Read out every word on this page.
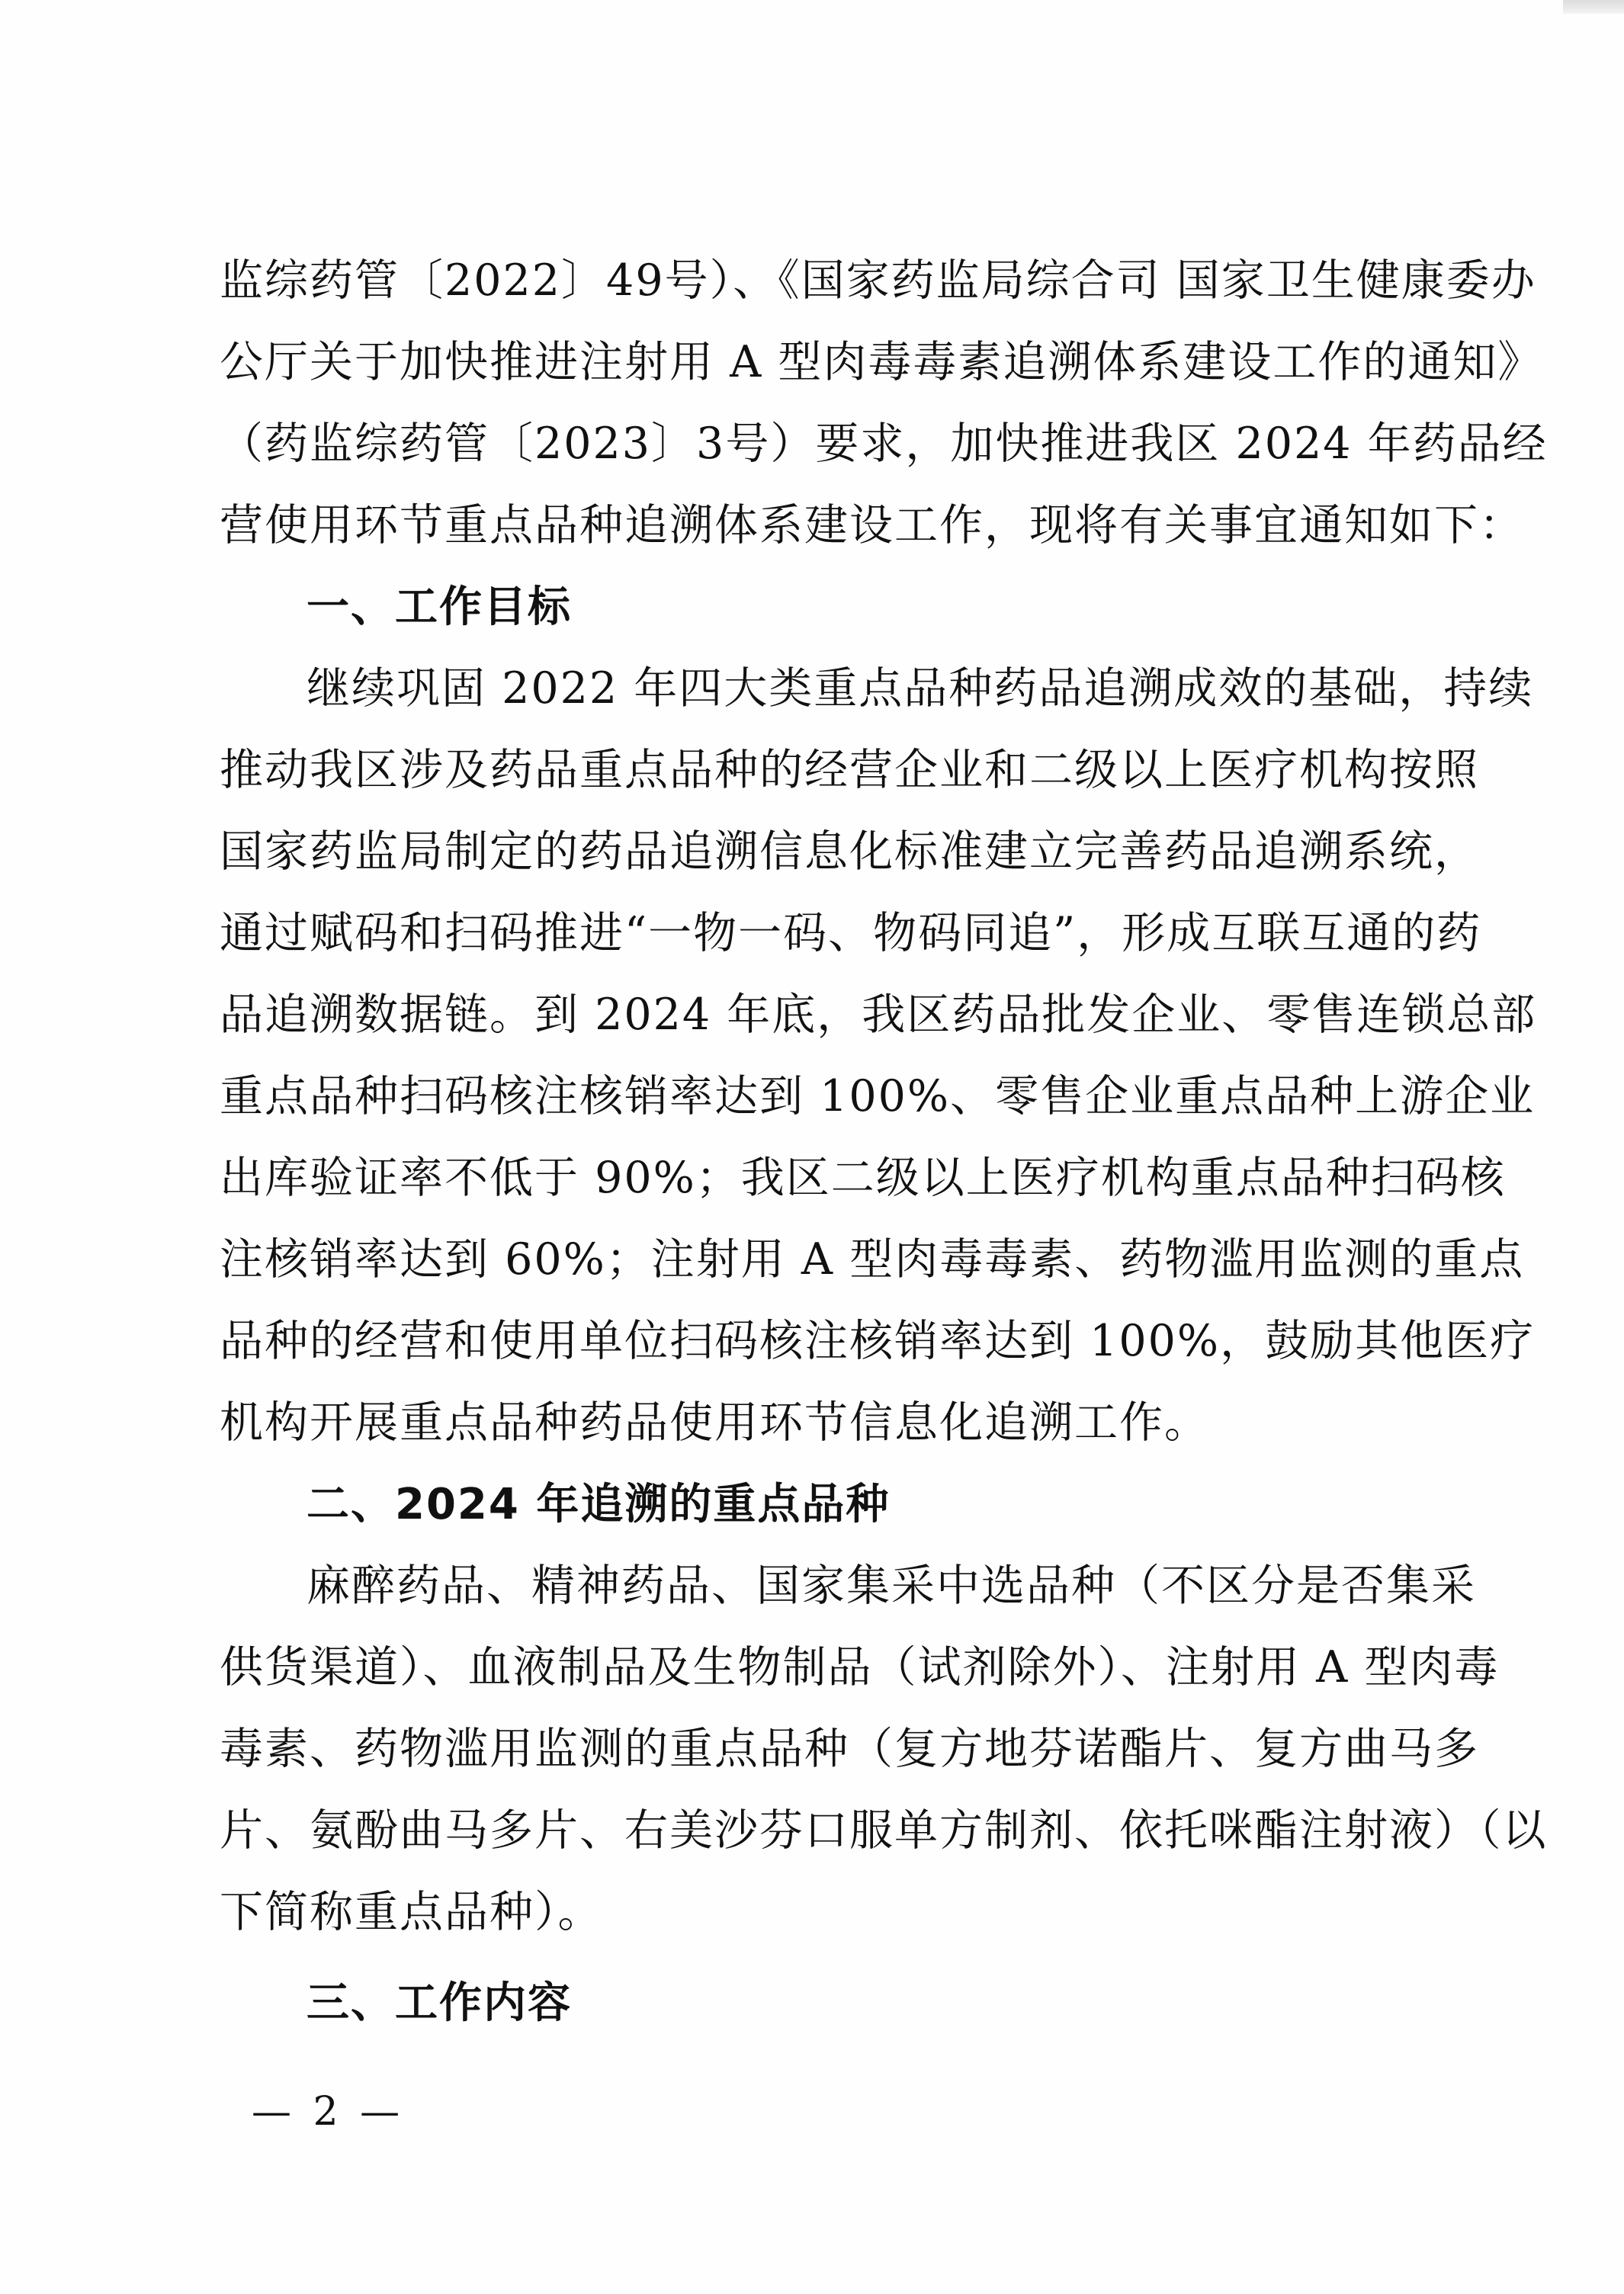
监综药管〔2022〕49号）、《国家药监局综合司 国家卫生健康委办
公厅关于加快推进注射用 A 型肉毒毒素追溯体系建设工作的通知》
（药监综药管〔2023〕3号）要求，加快推进我区 2024 年药品经
营使用环节重点品种追溯体系建设工作，现将有关事宜通知如下：
一、工作目标
继续巩固 2022 年四大类重点品种药品追溯成效的基础，持续
推动我区涉及药品重点品种的经营企业和二级以上医疗机构按照
国家药监局制定的药品追溯信息化标准建立完善药品追溯系统，
通过赋码和扫码推进“一物一码、物码同追”，形成互联互通的药
品追溯数据链。到 2024 年底，我区药品批发企业、零售连锁总部
重点品种扫码核注核销率达到 100%、零售企业重点品种上游企业
出库验证率不低于 90%；我区二级以上医疗机构重点品种扫码核
注核销率达到 60%；注射用 A 型肉毒毒素、药物滥用监测的重点
品种的经营和使用单位扫码核注核销率达到 100%，鼓励其他医疗
机构开展重点品种药品使用环节信息化追溯工作。
二、2024 年追溯的重点品种
麻醉药品、精神药品、国家集采中选品种（不区分是否集采
供货渠道）、血液制品及生物制品（试剂除外）、注射用 A 型肉毒
毒素、药物滥用监测的重点品种（复方地芬诺酯片、复方曲马多
片、氨酚曲马多片、右美沙芬口服单方制剂、依托咪酯注射液）（以
下简称重点品种）。
三、工作内容
— 2 —
